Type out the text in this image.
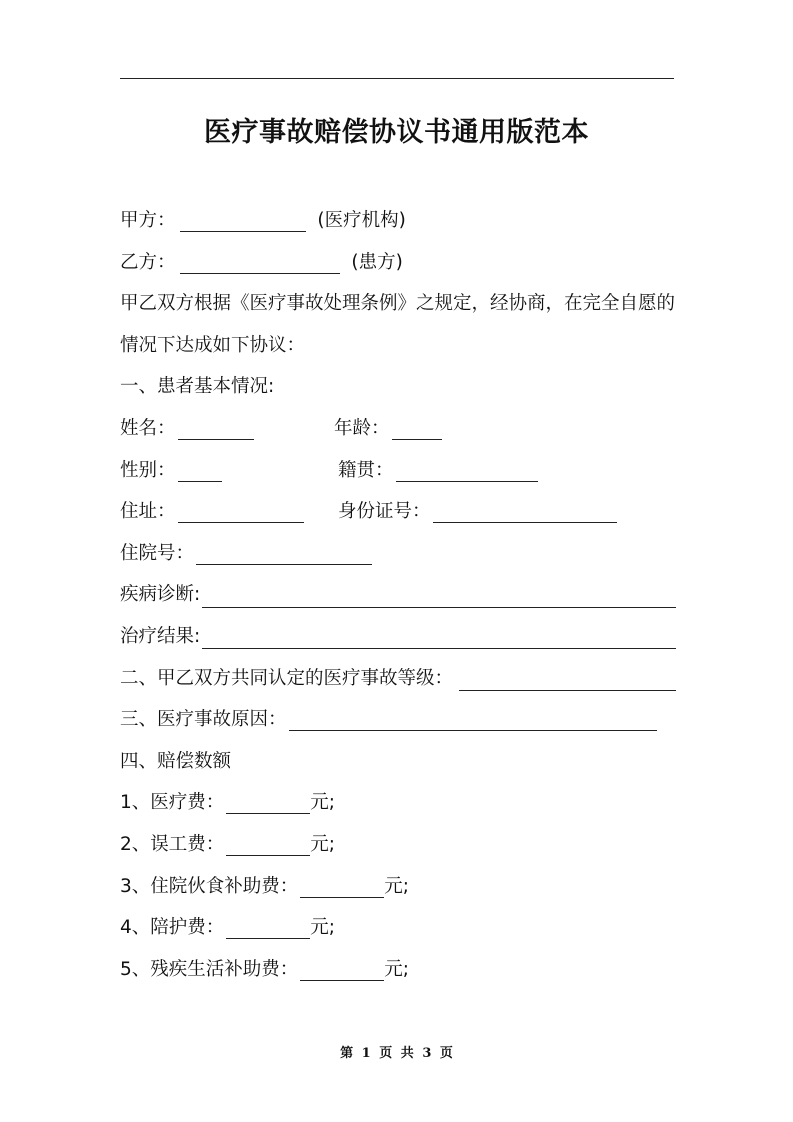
医疗事故赔偿协议书通用版范本
甲方：	(医疗机构)
乙方：	(患方)
甲乙双方根据《医疗事故处理条例》之规定，经协商，在完全自愿的
情况下达成如下协议：
一、患者基本情况:
姓名：	年龄：
性别：	籍贯：
住址：	身份证号：
住院号：
疾病诊断:
治疗结果:
二、甲乙双方共同认定的医疗事故等级：
三、医疗事故原因：
四、赔偿数额
1、医疗费：	元;
2、误工费：	元;
3、住院伙食补助费：	元;
4、陪护费：	元;
5、残疾生活补助费：	元;
第 1 页 共 3 页
